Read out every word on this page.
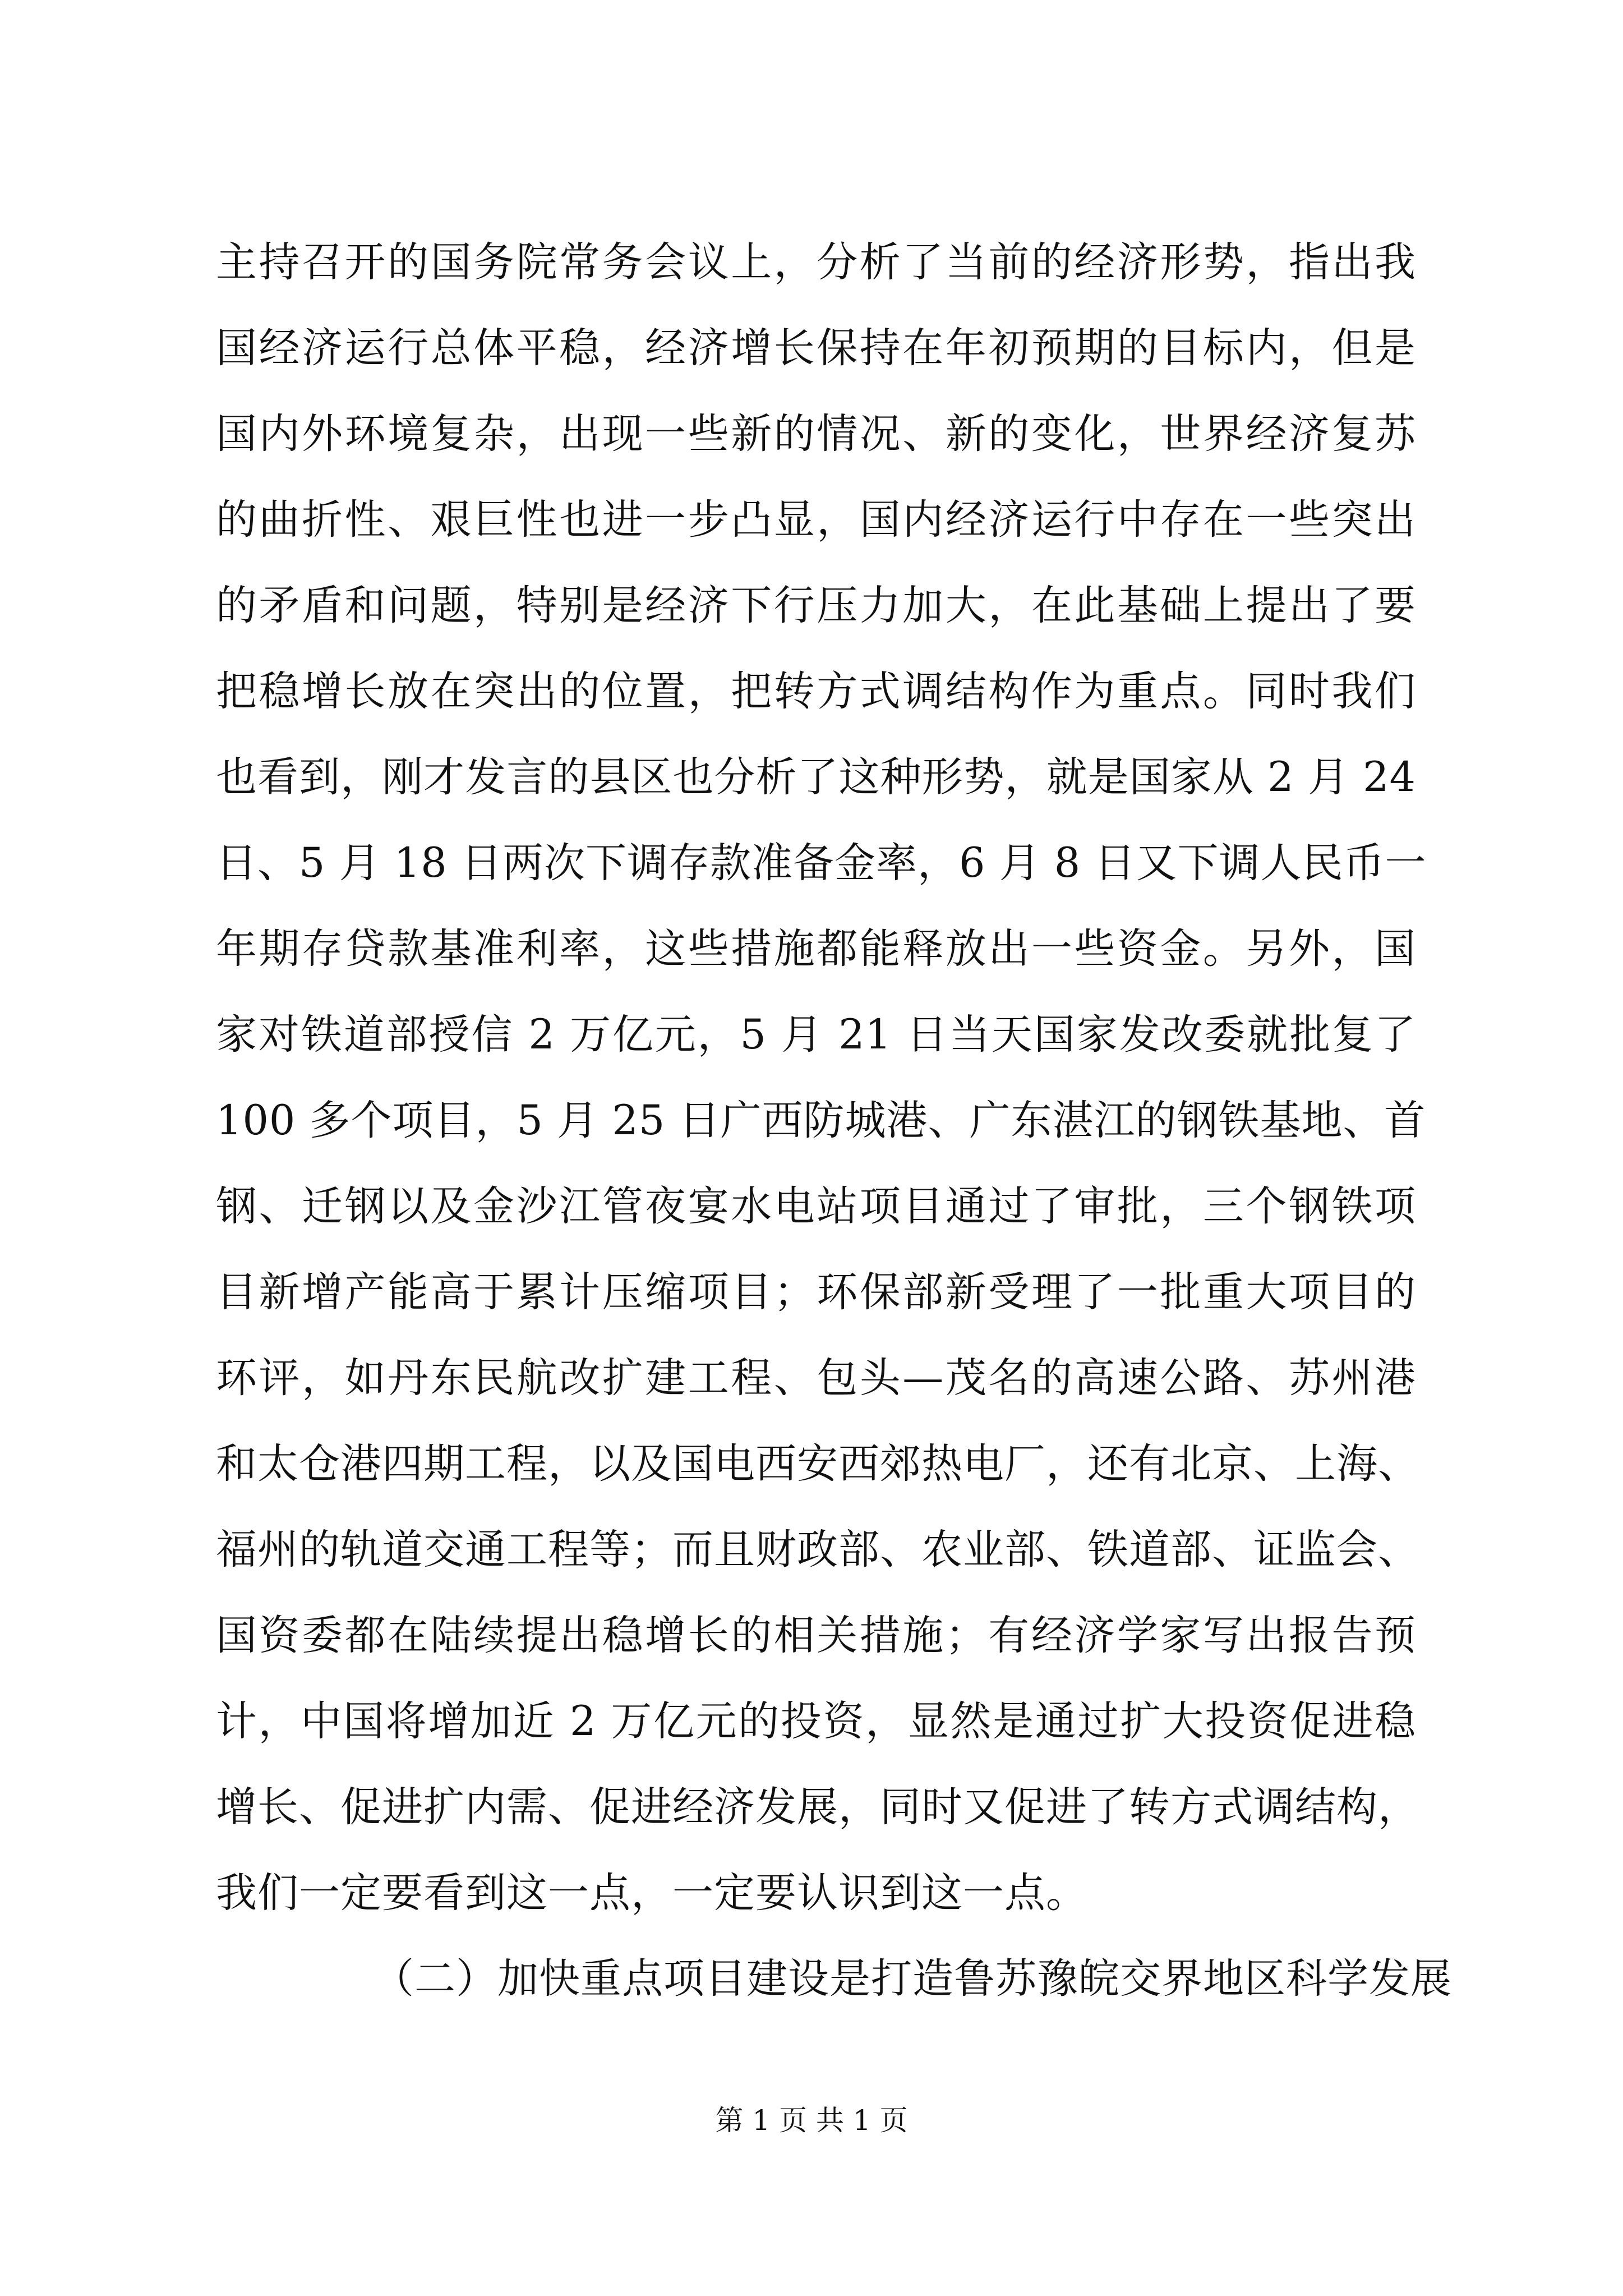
主持召开的国务院常务会议上，分析了当前的经济形势，指出我
国经济运行总体平稳，经济增长保持在年初预期的目标内，但是
国内外环境复杂，出现一些新的情况、新的变化，世界经济复苏
的曲折性、艰巨性也进一步凸显，国内经济运行中存在一些突出
的矛盾和问题，特别是经济下行压力加大，在此基础上提出了要
把稳增长放在突出的位置，把转方式调结构作为重点。同时我们
也看到，刚才发言的县区也分析了这种形势，就是国家从 2 月 24
日、5 月 18 日两次下调存款准备金率，6 月 8 日又下调人民币一
年期存贷款基准利率，这些措施都能释放出一些资金。另外，国
家对铁道部授信 2 万亿元，5 月 21 日当天国家发改委就批复了
100 多个项目，5 月 25 日广西防城港、广东湛江的钢铁基地、首
钢、迁钢以及金沙江管夜宴水电站项目通过了审批，三个钢铁项
目新增产能高于累计压缩项目；环保部新受理了一批重大项目的
环评，如丹东民航改扩建工程、包头—茂名的高速公路、苏州港
和太仓港四期工程，以及国电西安西郊热电厂，还有北京、上海、
福州的轨道交通工程等；而且财政部、农业部、铁道部、证监会、
国资委都在陆续提出稳增长的相关措施；有经济学家写出报告预
计，中国将增加近 2 万亿元的投资，显然是通过扩大投资促进稳
增长、促进扩内需、促进经济发展，同时又促进了转方式调结构，
我们一定要看到这一点，一定要认识到这一点。
（二）加快重点项目建设是打造鲁苏豫皖交界地区科学发展
第 1 页 共 1 页
